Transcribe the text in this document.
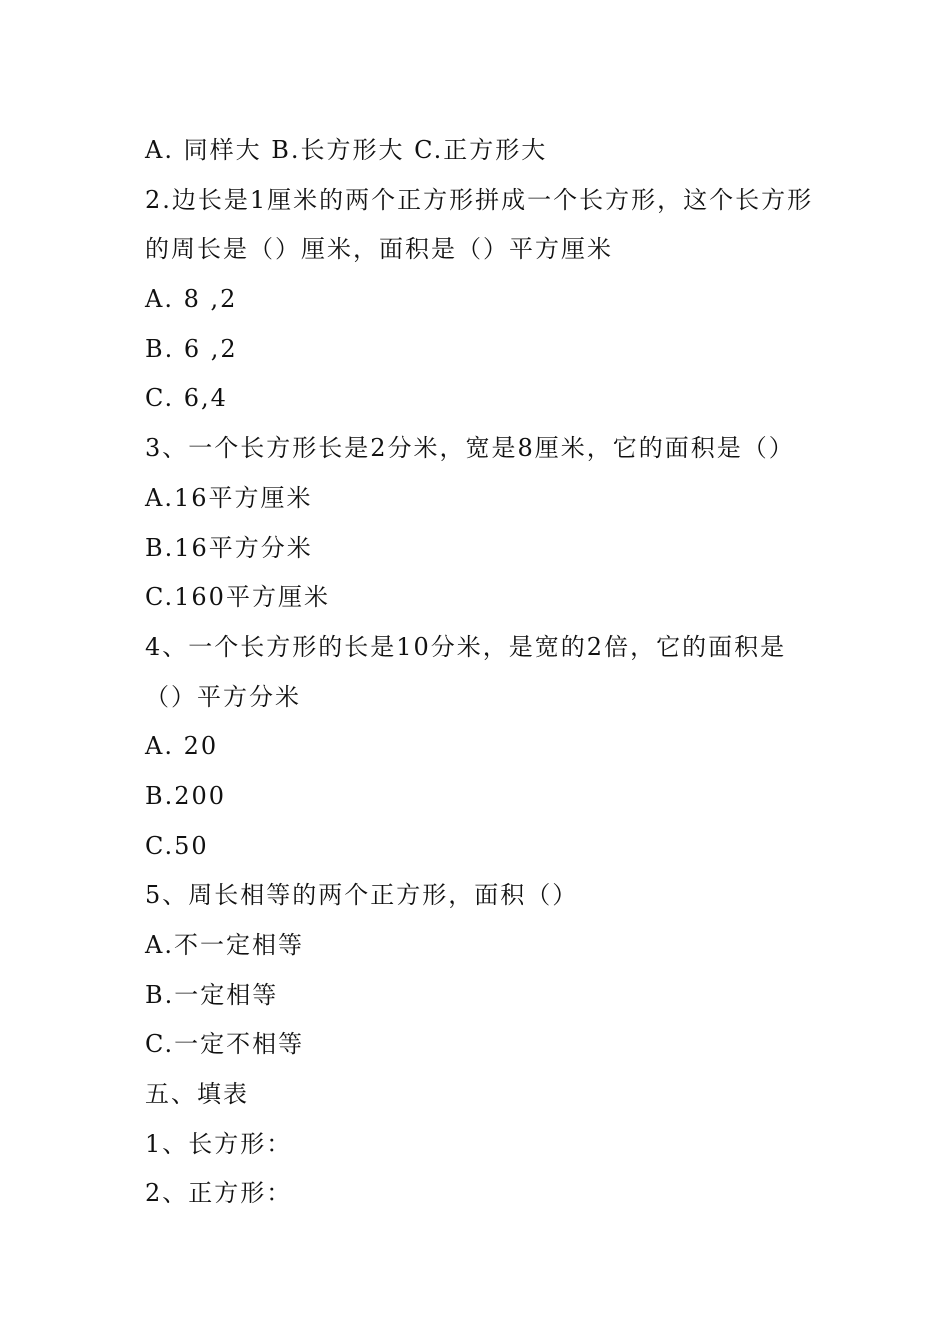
A. 同样大 B.长方形大 C.正方形大
2.边长是1厘米的两个正方形拼成一个长方形，这个长方形
的周长是（）厘米，面积是（）平方厘米
A. 8 ,2
B. 6 ,2
C. 6,4
3、一个长方形长是2分米，宽是8厘米，它的面积是（）
A.16平方厘米
B.16平方分米
C.160平方厘米
4、一个长方形的长是10分米，是宽的2倍，它的面积是
（）平方分米
A. 20
B.200
C.50
5、周长相等的两个正方形，面积（）
A.不一定相等
B.一定相等
C.一定不相等
五、填表
1、长方形：
2、正方形：
